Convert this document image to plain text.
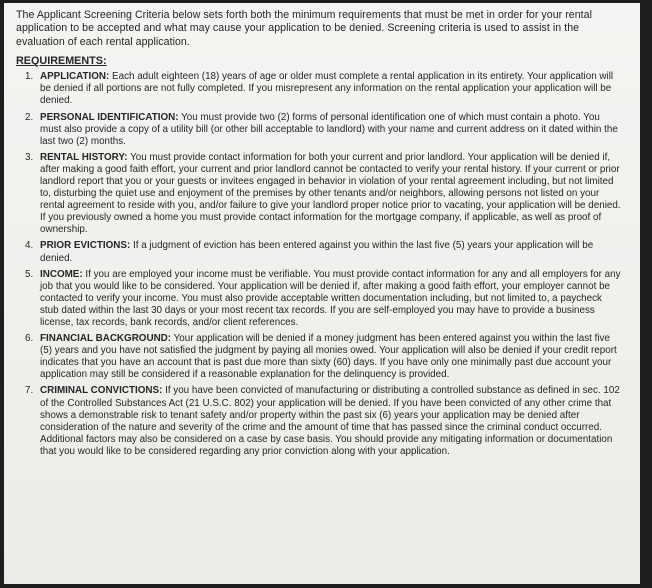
The Applicant Screening Criteria below sets forth both the minimum requirements that must be met in order for your rental application to be accepted and what may cause your application to be denied. Screening criteria is used to assist in the evaluation of each rental application.

REQUIREMENTS:
1. APPLICATION: Each adult eighteen (18) years of age or older must complete a rental application in its entirety. Your application will be denied if all portions are not fully completed. If you misrepresent any information on the rental application your application will be denied.
2. PERSONAL IDENTIFICATION: You must provide two (2) forms of personal identification one of which must contain a photo. You must also provide a copy of a utility bill (or other bill acceptable to landlord) with your name and current address on it dated within the last two (2) months.
3. RENTAL HISTORY: You must provide contact information for both your current and prior landlord. Your application will be denied if, after making a good faith effort, your current and prior landlord cannot be contacted to verify your rental history. If your current or prior landlord report that you or your guests or invitees engaged in behavior in violation of your rental agreement including, but not limited to, disturbing the quiet use and enjoyment of the premises by other tenants and/or neighbors, allowing persons not listed on your rental agreement to reside with you, and/or failure to give your landlord proper notice prior to vacating, your application will be denied. If you previously owned a home you must provide contact information for the mortgage company, if applicable, as well as proof of ownership.
4. PRIOR EVICTIONS: If a judgment of eviction has been entered against you within the last five (5) years your application will be denied.
5. INCOME: If you are employed your income must be verifiable. You must provide contact information for any and all employers for any job that you would like to be considered. Your application will be denied if, after making a good faith effort, your employer cannot be contacted to verify your income. You must also provide acceptable written documentation including, but not limited to, a paycheck stub dated within the last 30 days or your most recent tax records. If you are self-employed you may have to provide a business license, tax records, bank records, and/or client references.
6. FINANCIAL BACKGROUND: Your application will be denied if a money judgment has been entered against you within the last five (5) years and you have not satisfied the judgment by paying all monies owed. Your application will also be denied if your credit report indicates that you have an account that is past due more than sixty (60) days. If you have only one minimally past due account your application may still be considered if a reasonable explanation for the delinquency is provided.
7. CRIMINAL CONVICTIONS: If you have been convicted of manufacturing or distributing a controlled substance as defined in sec. 102 of the Controlled Substances Act (21 U.S.C. 802) your application will be denied. If you have been convicted of any other crime that shows a demonstrable risk to tenant safety and/or property within the past six (6) years your application may be denied after consideration of the nature and severity of the crime and the amount of time that has passed since the criminal conduct occurred. Additional factors may also be considered on a case by case basis. You should provide any mitigating information or documentation that you would like to be considered regarding any prior conviction along with your application.
